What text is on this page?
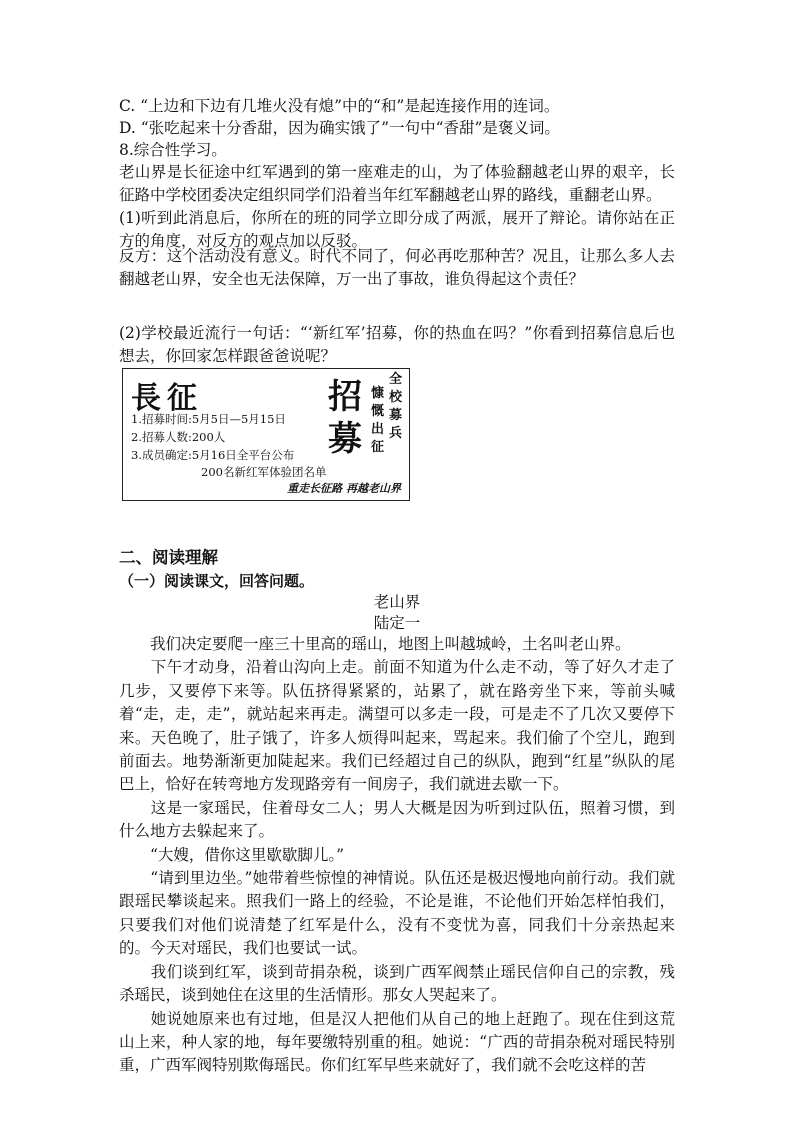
C. “上边和下边有几堆火没有熄”中的“和”是起连接作用的连词。
D. “张吃起来十分香甜，因为确实饿了”一句中“香甜”是褒义词。
8.综合性学习。

老山界是长征途中红军遇到的第一座难走的山，为了体验翻越老山界的艰辛，长征路中学校团委决定组织同学们沿着当年红军翻越老山界的路线，重翻老山界。

(1)听到此消息后，你所在的班的同学立即分成了两派，展开了辩论。请你站在正方的角度，对反方的观点加以反驳。

反方：这个活动没有意义。时代不同了，何必再吃那种苦？况且，让那么多人去翻越老山界，安全也无法保障，万一出了事故，谁负得起这个责任？

(2)学校最近流行一句话：“‘新红军’招募，你的热血在吗？”你看到招募信息后也想去，你回家怎样跟爸爸说呢？

長征	招
募
慷慨出征
全校募兵
1.招募时间:5月5日—5月15日
2.招募人数:200人
3.成员确定:5月16日全平台公布
200名新红军体验团名单
重走长征路 再越老山界
二、阅读理解
（一）阅读课文，回答问题。
老山界
陆定一

　　我们决定要爬一座三十里高的瑶山，地图上叫越城岭，土名叫老山界。

　　下午才动身，沿着山沟向上走。前面不知道为什么走不动，等了好久才走了几步，又要停下来等。队伍挤得紧紧的，站累了，就在路旁坐下来，等前头喊着“走，走，走”，就站起来再走。满望可以多走一段，可是走不了几次又要停下来。天色晚了，肚子饿了，许多人烦得叫起来，骂起来。我们偷了个空儿，跑到前面去。地势渐渐更加陡起来。我们已经超过自己的纵队，跑到“红星”纵队的尾巴上，恰好在转弯地方发现路旁有一间房子，我们就进去歇一下。

　　这是一家瑶民，住着母女二人；男人大概是因为听到过队伍，照着习惯，到什么地方去躲起来了。

　　“大嫂，借你这里歇歇脚儿。”

　　“请到里边坐。”她带着些惊惶的神情说。队伍还是极迟慢地向前行动。我们就跟瑶民攀谈起来。照我们一路上的经验，不论是谁，不论他们开始怎样怕我们，只要我们对他们说清楚了红军是什么，没有不变忧为喜，同我们十分亲热起来的。今天对瑶民，我们也要试一试。

　　我们谈到红军，谈到苛捐杂税，谈到广西军阀禁止瑶民信仰自己的宗教，残杀瑶民，谈到她住在这里的生活情形。那女人哭起来了。

　　她说她原来也有过地，但是汉人把他们从自己的地上赶跑了。现在住到这荒山上来，种人家的地，每年要缴特别重的租。她说：“广西的苛捐杂税对瑶民特别重，广西军阀特别欺侮瑶民。你们红军早些来就好了，我们就不会吃这样的苦
